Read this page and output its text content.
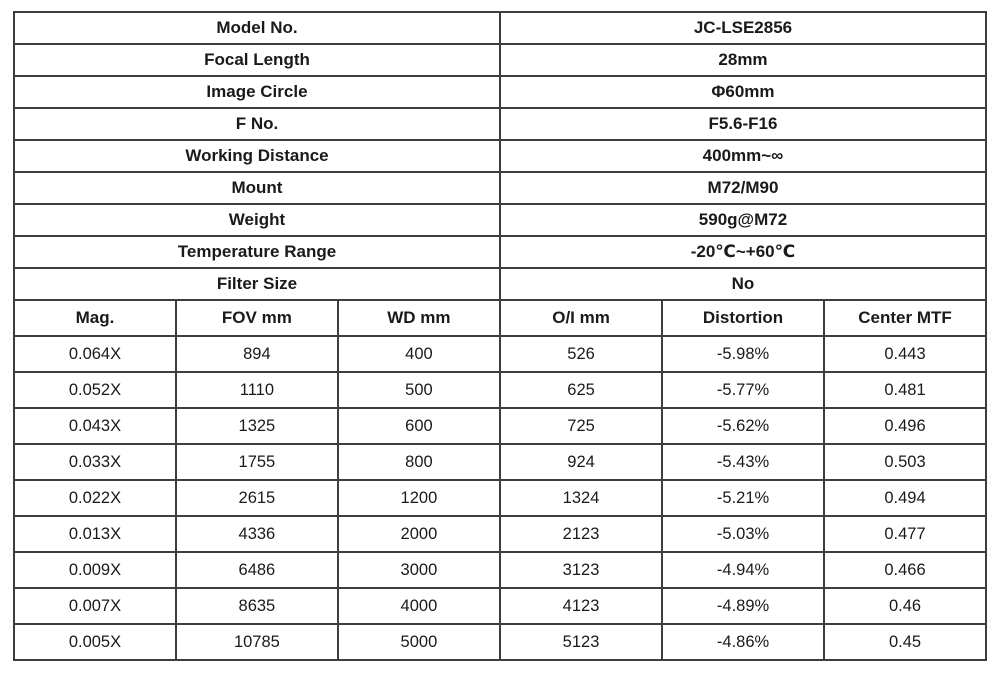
Model No.			JC-LSE2856		
Focal Length			28mm		
Image Circle			Φ60mm		
F No.			F5.6-F16		
Working Distance			400mm~∞		
Mount			M72/M90		
Weight			590g@M72		
Temperature Range			-20℃~+60℃		
Filter Size			No		
Mag.	FOV mm	WD mm	O/I mm	Distortion	Center MTF
0.064X	894	400	526	-5.98%	0.443
0.052X	1110	500	625	-5.77%	0.481
0.043X	1325	600	725	-5.62%	0.496
0.033X	1755	800	924	-5.43%	0.503
0.022X	2615	1200	1324	-5.21%	0.494
0.013X	4336	2000	2123	-5.03%	0.477
0.009X	6486	3000	3123	-4.94%	0.466
0.007X	8635	4000	4123	-4.89%	0.46
0.005X	10785	5000	5123	-4.86%	0.45
